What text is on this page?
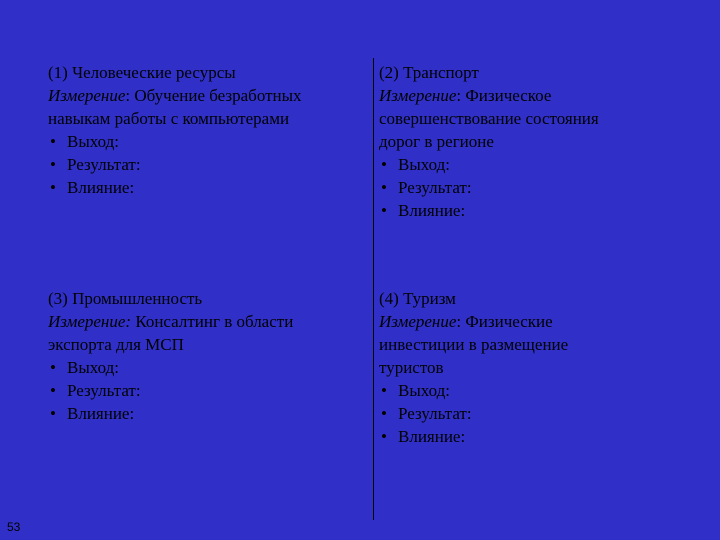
(1) Человеческие ресурсы
Измерение: Обучение безработных
навыкам работы с компьютерами
• Выход:
• Результат:
• Влияние:
(2) Транспорт
Измерение: Физическое
совершенствование состояния
дорог в регионе
• Выход:
• Результат:
• Влияние:
(3) Промышленность
Измерение: Консалтинг в области
экспорта для МСП
• Выход:
• Результат:
• Влияние:
(4) Туризм
Измерение: Физические
инвестиции в размещение
туристов
• Выход:
• Результат:
• Влияние:
53
